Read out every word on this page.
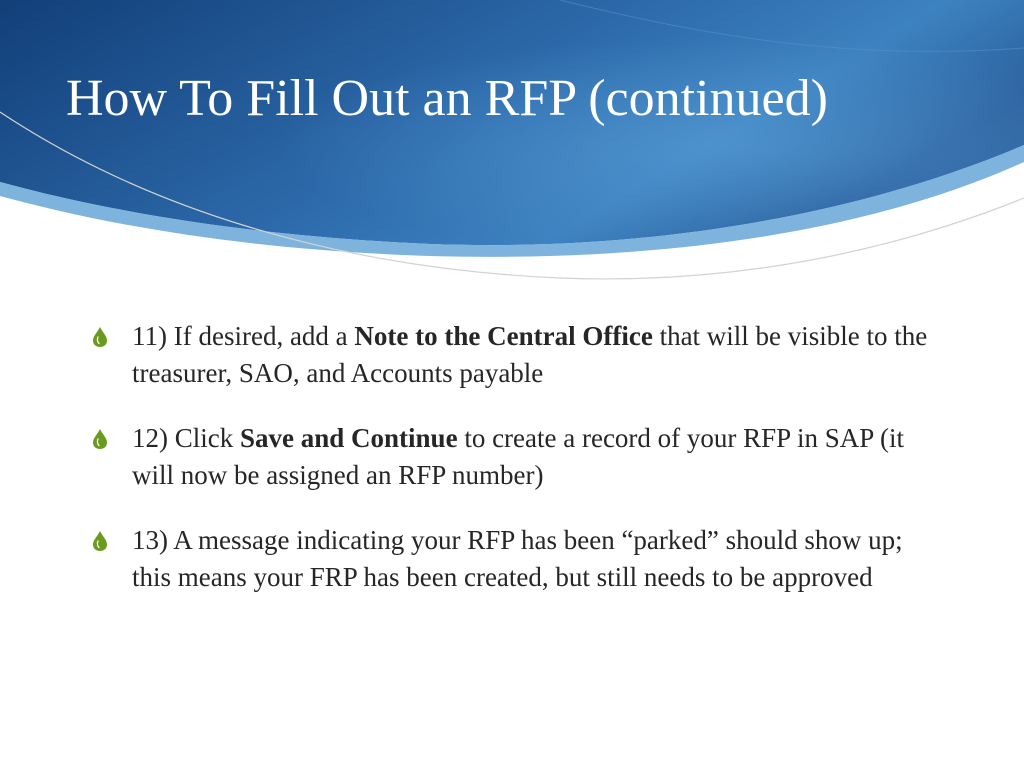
How To Fill Out an RFP (continued)
11) If desired, add a Note to the Central Office that will be visible to the treasurer, SAO, and Accounts payable
12) Click Save and Continue to create a record of your RFP in SAP (it will now be assigned an RFP number)
13) A message indicating your RFP has been “parked” should show up; this means your FRP has been created, but still needs to be approved
